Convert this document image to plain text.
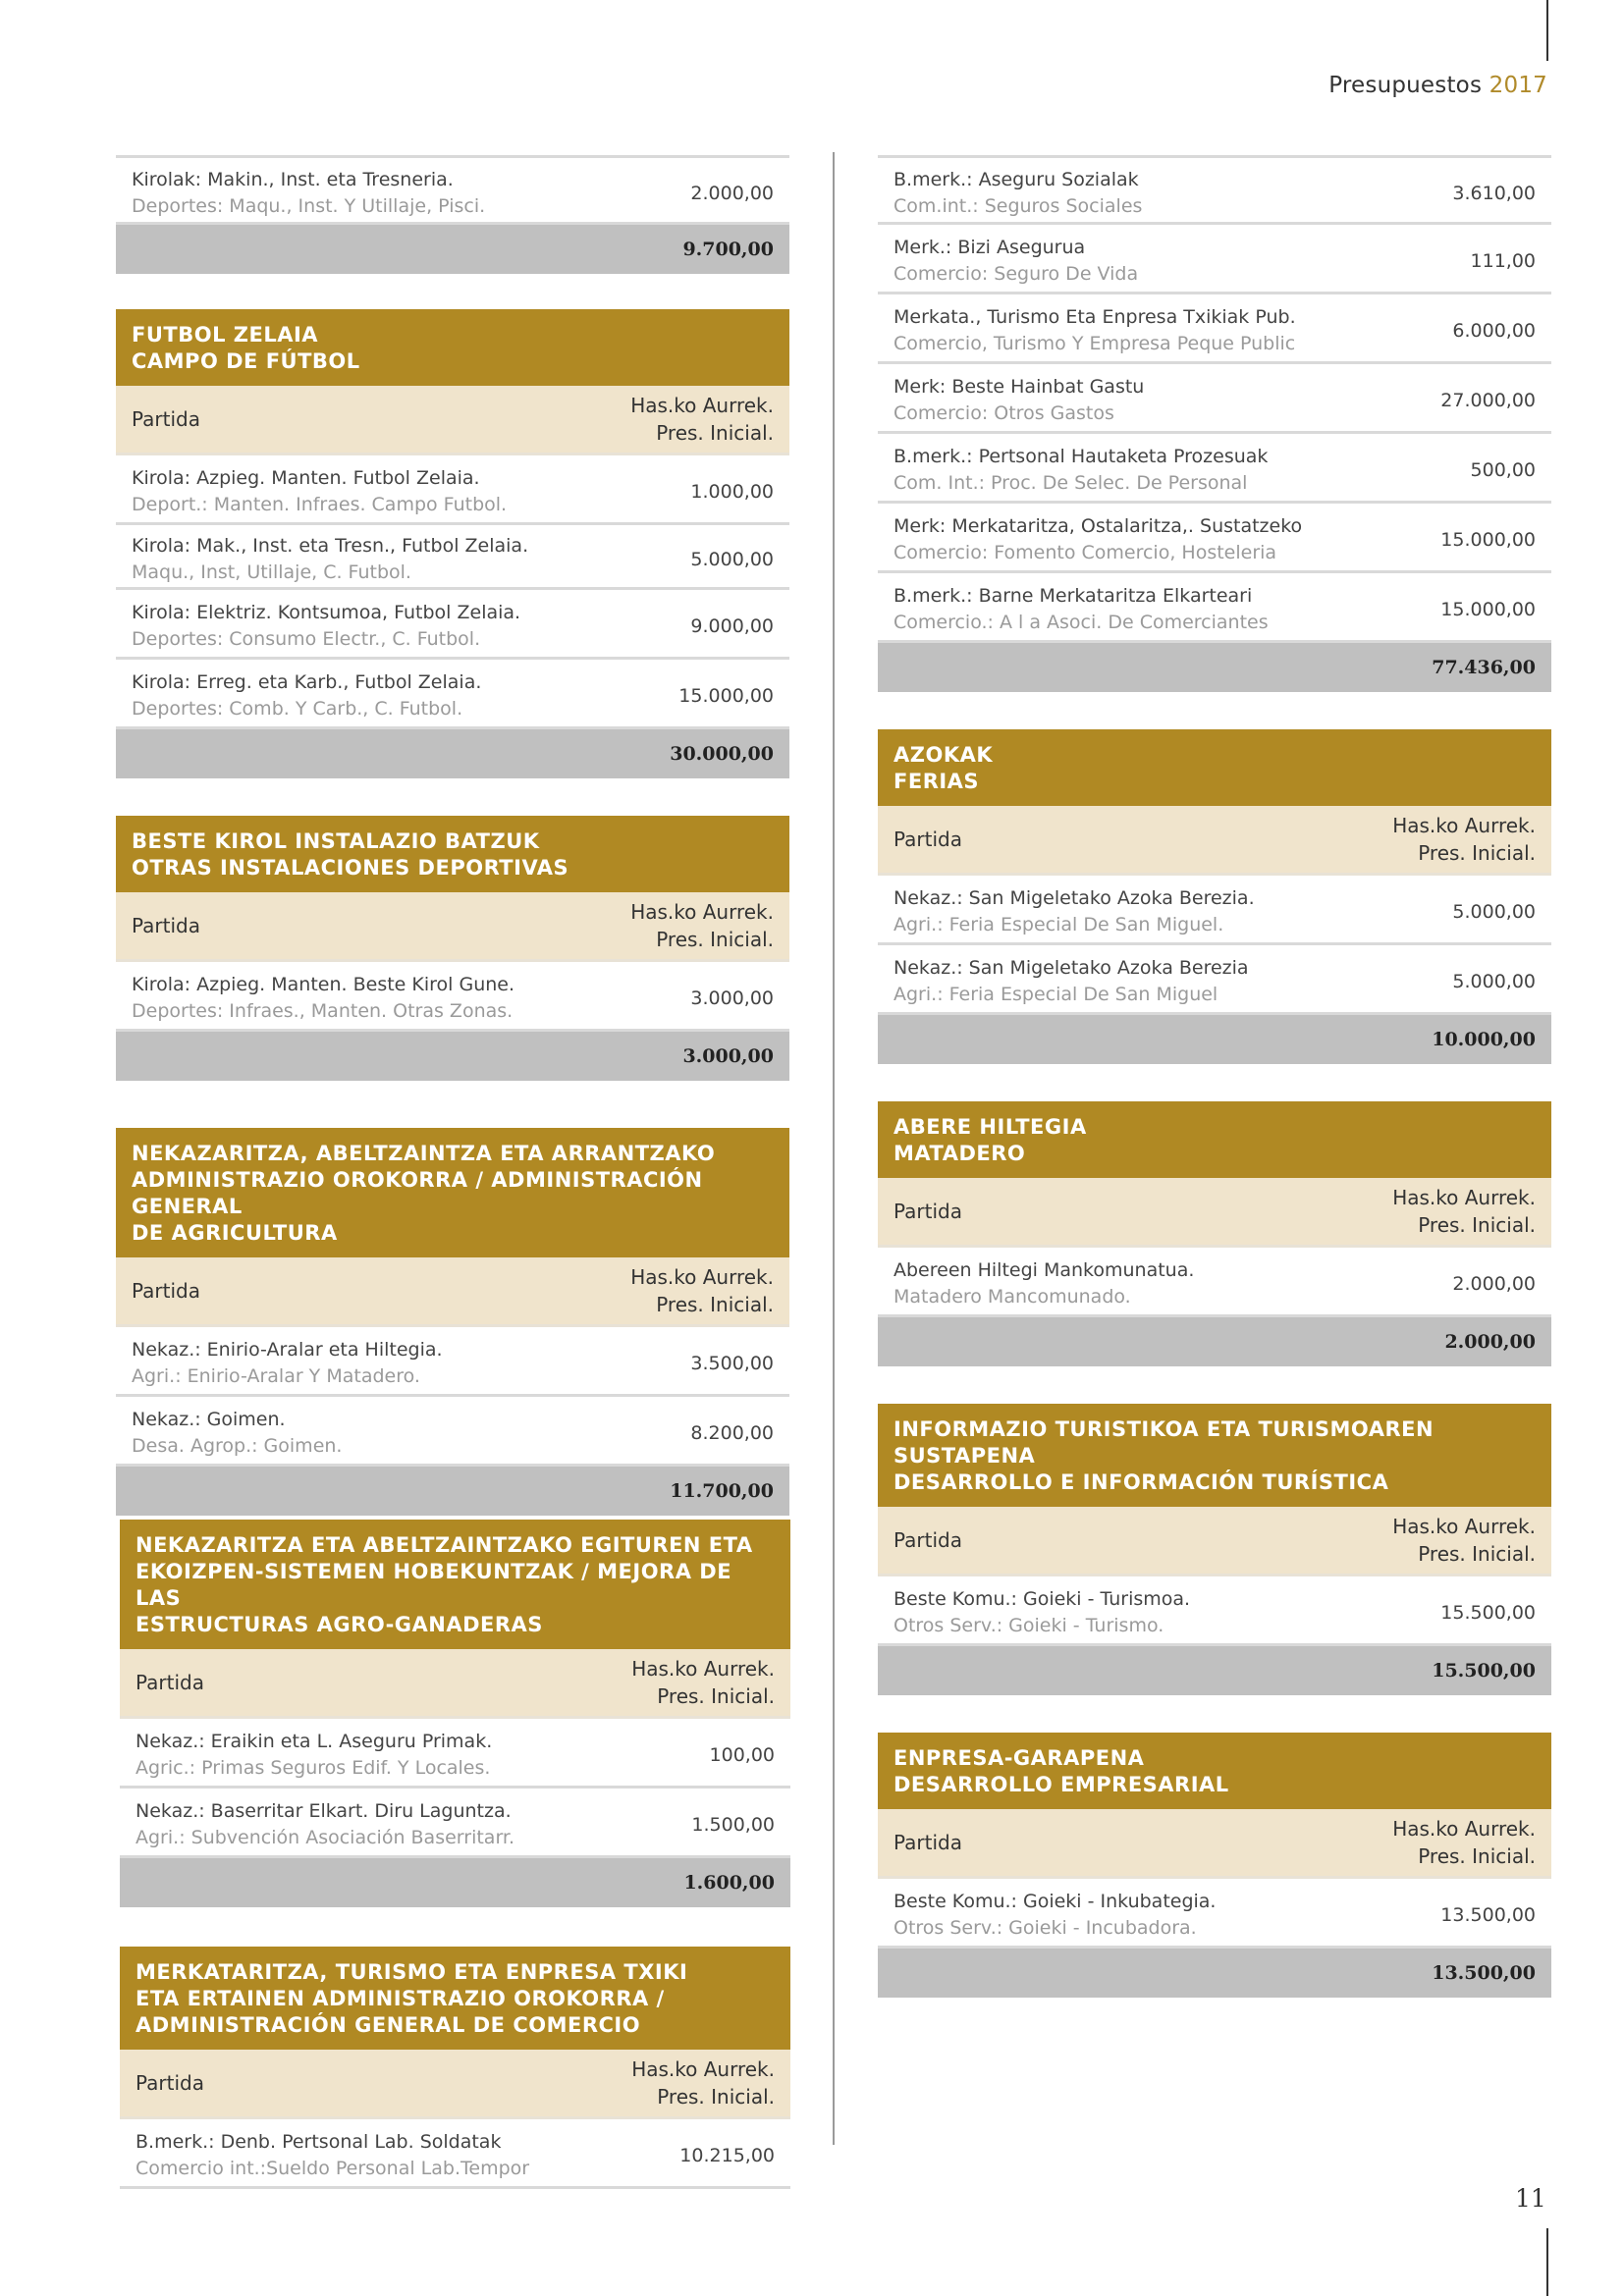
Presupuestos 2017
Kirolak: Makin., Inst. eta Tresneria.
Deportes: Maqu., Inst. Y Utillaje, Pisci.
2.000,00
9.700,00
FUTBOL ZELAIA
CAMPO DE FÚTBOL
Partida
Has.ko Aurrek.
Pres. Inicial.
Kirola: Azpieg. Manten. Futbol Zelaia.
Deport.: Manten. Infraes. Campo Futbol.
1.000,00
Kirola: Mak., Inst. eta Tresn., Futbol Zelaia.
Maqu., Inst, Utillaje, C. Futbol.
5.000,00
Kirola: Elektriz. Kontsumoa, Futbol Zelaia.
Deportes: Consumo Electr., C. Futbol.
9.000,00
Kirola: Erreg. eta Karb., Futbol Zelaia.
Deportes: Comb. Y Carb., C. Futbol.
15.000,00
30.000,00
BESTE KIROL INSTALAZIO BATZUK
OTRAS INSTALACIONES DEPORTIVAS
Partida
Has.ko Aurrek.
Pres. Inicial.
Kirola: Azpieg. Manten. Beste Kirol Gune.
Deportes: Infraes., Manten. Otras Zonas.
3.000,00
3.000,00
NEKAZARITZA, ABELTZAINTZA ETA ARRANTZAKO
ADMINISTRAZIO OROKORRA / ADMINISTRACIÓN GENERAL
DE AGRICULTURA
Partida
Has.ko Aurrek.
Pres. Inicial.
Nekaz.: Enirio-Aralar eta Hiltegia.
Agri.: Enirio-Aralar Y Matadero.
3.500,00
Nekaz.: Goimen.
Desa. Agrop.: Goimen.
8.200,00
11.700,00
NEKAZARITZA ETA ABELTZAINTZAKO EGITUREN ETA
EKOIZPEN-SISTEMEN HOBEKUNTZAK / MEJORA DE LAS
ESTRUCTURAS AGRO-GANADERAS
Partida
Has.ko Aurrek.
Pres. Inicial.
Nekaz.: Eraikin eta L. Aseguru Primak.
Agric.: Primas Seguros Edif. Y Locales.
100,00
Nekaz.: Baserritar Elkart. Diru Laguntza.
Agri.: Subvención Asociación Baserritarr.
1.500,00
1.600,00
MERKATARITZA, TURISMO ETA ENPRESA TXIKI
ETA ERTAINEN ADMINISTRAZIO OROKORRA /
ADMINISTRACIÓN GENERAL DE COMERCIO
Partida
Has.ko Aurrek.
Pres. Inicial.
B.merk.: Denb. Pertsonal Lab. Soldatak
Comercio int.:Sueldo Personal Lab.Tempor
10.215,00
B.merk.: Aseguru Sozialak
Com.int.: Seguros Sociales
3.610,00
Merk.: Bizi Asegurua
Comercio: Seguro De Vida
111,00
Merkata., Turismo Eta Enpresa Txikiak Pub.
Comercio, Turismo Y Empresa Peque Public
6.000,00
Merk: Beste Hainbat Gastu
Comercio: Otros Gastos
27.000,00
B.merk.: Pertsonal Hautaketa Prozesuak
Com. Int.: Proc. De Selec. De Personal
500,00
Merk: Merkataritza, Ostalaritza,. Sustatzeko
Comercio: Fomento Comercio, Hosteleria
15.000,00
B.merk.: Barne Merkataritza Elkarteari
Comercio.: A l a Asoci. De Comerciantes
15.000,00
77.436,00
AZOKAK
FERIAS
Partida
Has.ko Aurrek.
Pres. Inicial.
Nekaz.: San Migeletako Azoka Berezia.
Agri.: Feria Especial De San Miguel.
5.000,00
Nekaz.: San Migeletako Azoka Berezia
Agri.: Feria Especial De San Miguel
5.000,00
10.000,00
ABERE HILTEGIA
MATADERO
Partida
Has.ko Aurrek.
Pres. Inicial.
Abereen Hiltegi Mankomunatua.
Matadero Mancomunado.
2.000,00
2.000,00
INFORMAZIO TURISTIKOA ETA TURISMOAREN SUSTAPENA
DESARROLLO E INFORMACIÓN TURÍSTICA
Partida
Has.ko Aurrek.
Pres. Inicial.
Beste Komu.: Goieki - Turismoa.
Otros Serv.: Goieki - Turismo.
15.500,00
15.500,00
ENPRESA-GARAPENA
DESARROLLO EMPRESARIAL
Partida
Has.ko Aurrek.
Pres. Inicial.
Beste Komu.: Goieki - Inkubategia.
Otros Serv.: Goieki - Incubadora.
13.500,00
13.500,00
11
